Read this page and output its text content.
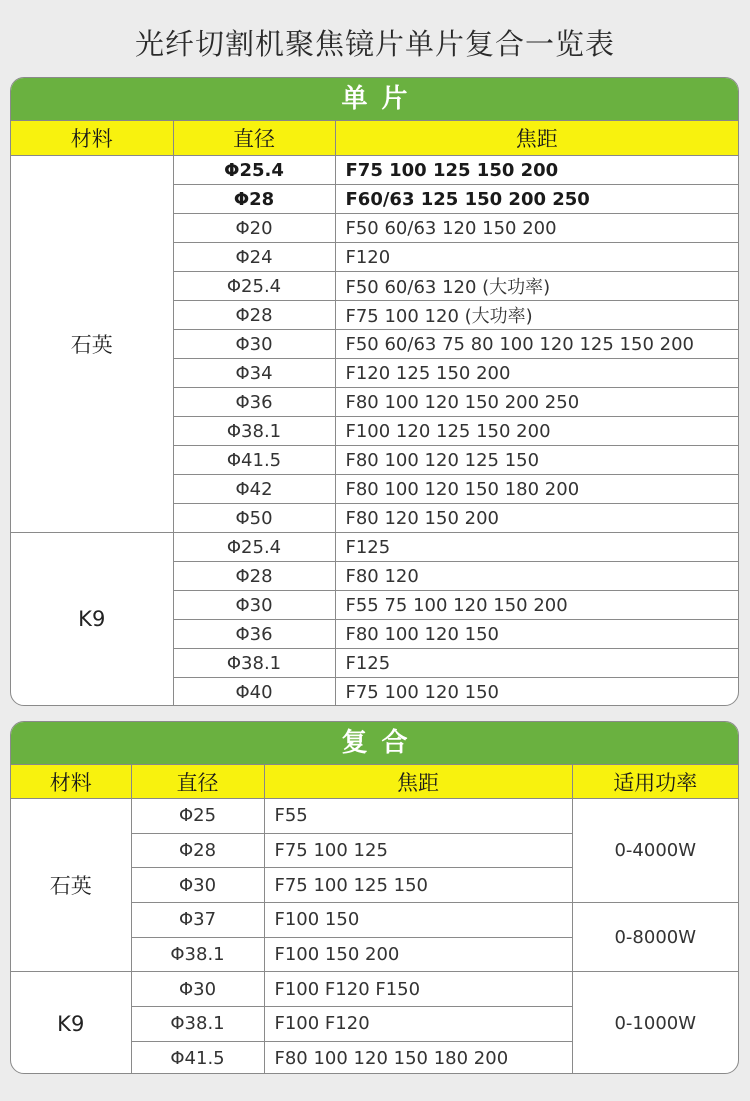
光纤切割机聚焦镜片单片复合一览表
单片
材料	直径	焦距
石英	Φ25.4	F75 100 125 150 200
	Φ28	F60/63 125 150 200 250
	Φ20	F50 60/63 120 150 200
	Φ24	F120
	Φ25.4	F50 60/63 120 (大功率)
	Φ28	F75 100 120 (大功率)
	Φ30	F50 60/63 75 80 100 120 125 150 200
	Φ34	F120 125 150 200
	Φ36	F80 100 120 150 200 250
	Φ38.1	F100 120 125 150 200
	Φ41.5	F80 100 120 125 150
	Φ42	F80 100 120 150 180 200
	Φ50	F80 120 150 200
K9	Φ25.4	F125
	Φ28	F80 120
	Φ30	F55 75 100 120 150 200
	Φ36	F80 100 120 150
	Φ38.1	F125
	Φ40	F75 100 120 150
复合
材料	直径	焦距	适用功率
石英	Φ25	F55	0-4000W
	Φ28	F75 100 125	
	Φ30	F75 100 125 150	
	Φ37	F100 150	0-8000W
	Φ38.1	F100 150 200	
K9	Φ30	F100 F120 F150	0-1000W
	Φ38.1	F100 F120	
	Φ41.5	F80 100 120 150 180 200	
